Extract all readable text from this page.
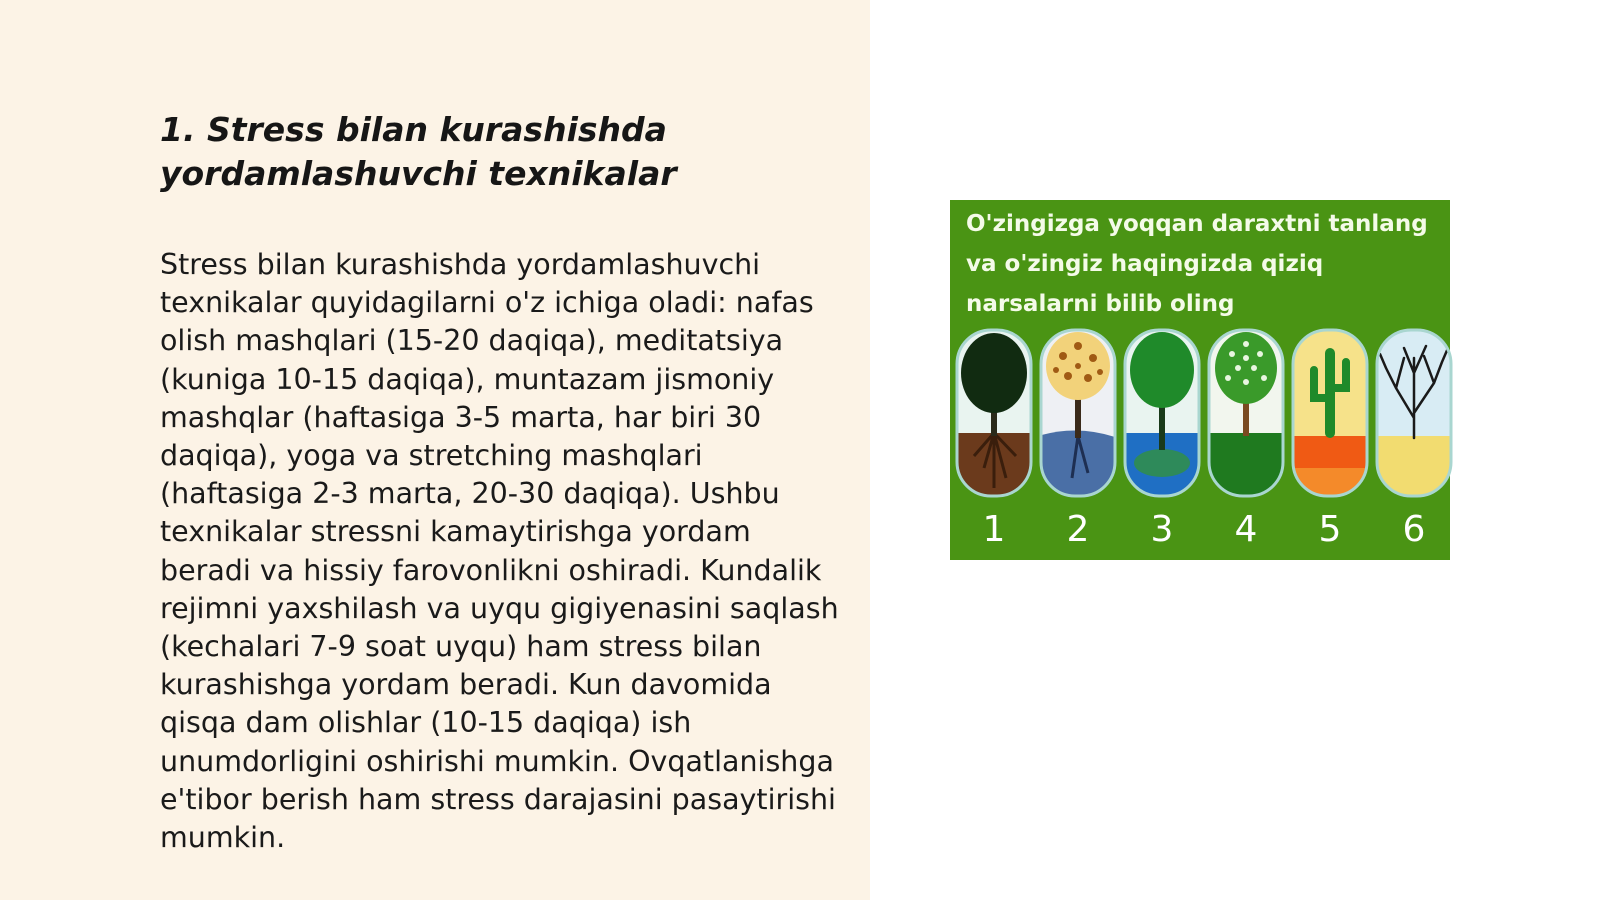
1. Stress bilan kurashishda yordamlashuvchi texnikalar

Stress bilan kurashishda yordamlashuvchi texnikalar quyidagilarni o'z ichiga oladi: nafas olish mashqlari (15-20 daqiqa), meditatsiya (kuniga 10-15 daqiqa), muntazam jismoniy mashqlar (haftasiga 3-5 marta, har biri 30 daqiqa), yoga va stretching mashqlari (haftasiga 2-3 marta, 20-30 daqiqa). Ushbu texnikalar stressni kamaytirishga yordam beradi va hissiy farovonlikni oshiradi. Kundalik rejimni yaxshilash va uyqu gigiyenasini saqlash (kechalari 7-9 soat uyqu) ham stress bilan kurashishga yordam beradi. Kun davomida qisqa dam olishlar (10-15 daqiqa) ish unumdorligini oshirishi mumkin. Ovqatlanishga e'tibor berish ham stress darajasini pasaytirishi mumkin.

O'zingizga yoqqan daraxtni tanlang va o'zingiz haqingizda qiziq narsalarni bilib oling
1	2	3	4	5	6
